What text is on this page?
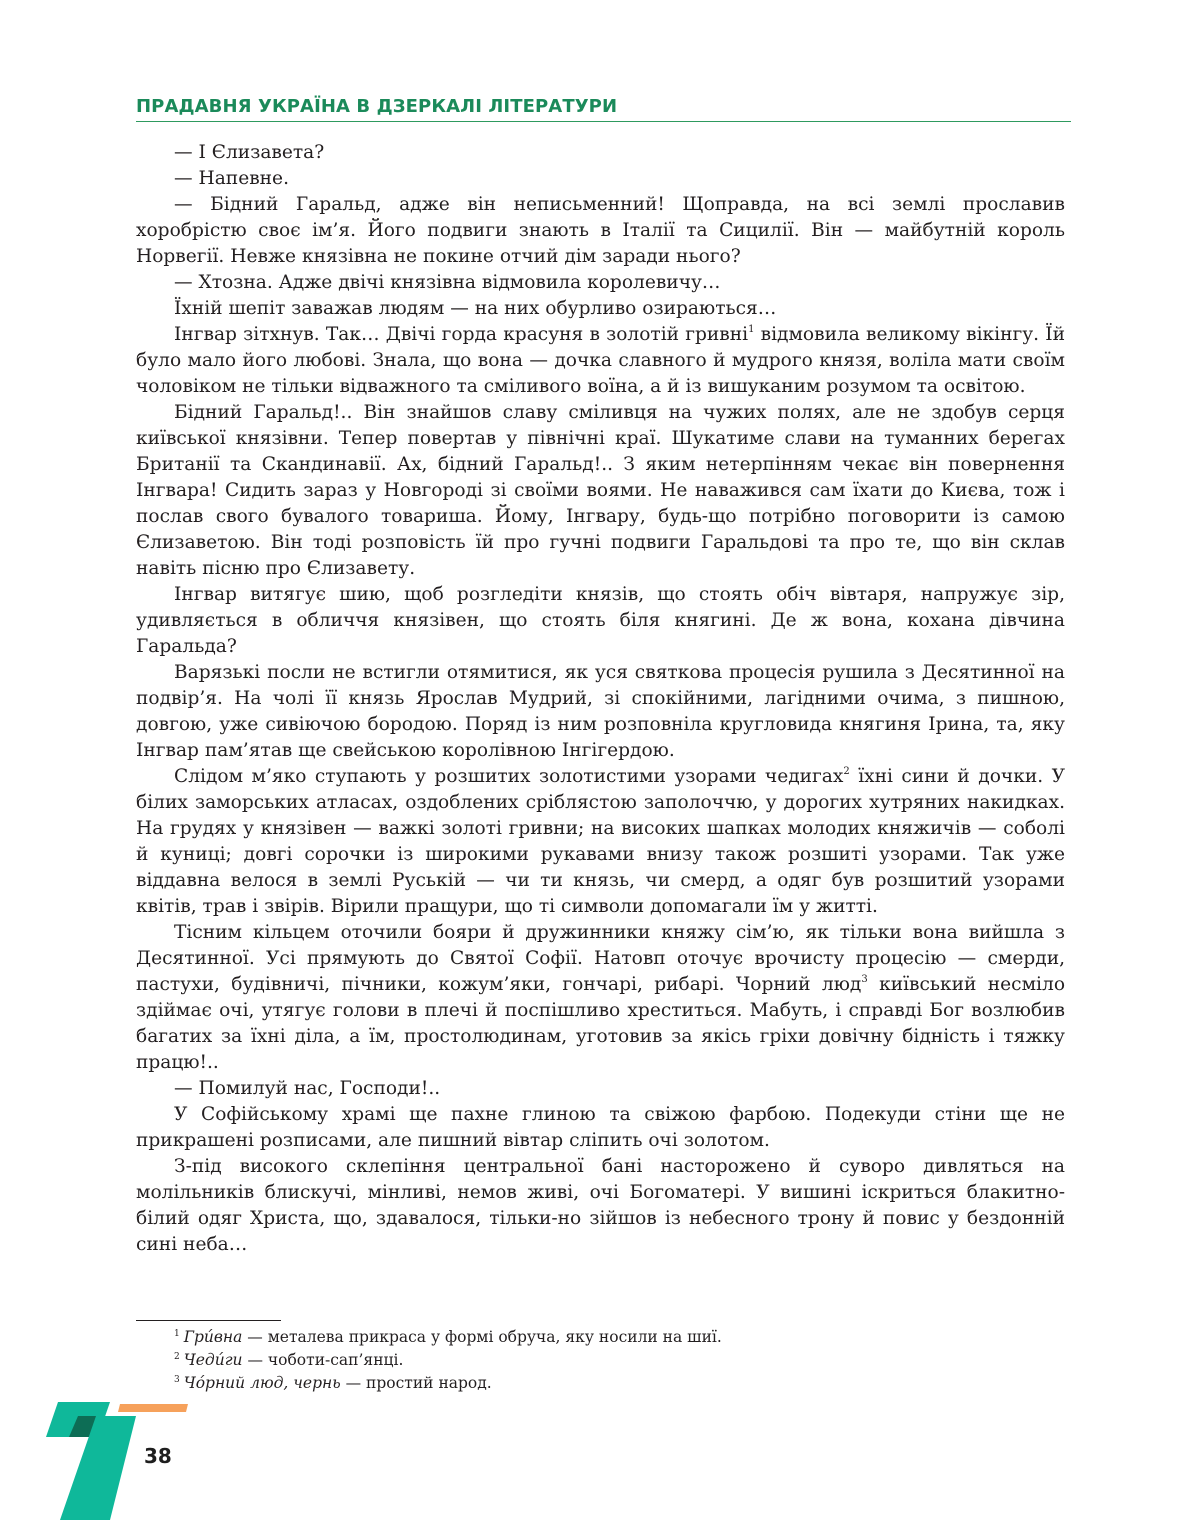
ПРАДАВНЯ УКРАЇНА В ДЗЕРКАЛІ ЛІТЕРАТУРИ

— І Єлизавета?

— Напевне.

— Бідний Гаральд, адже він неписьменний! Щоправда, на всі землі прославив хоробрістю своє ім’я. Його подвиги знають в Італії та Сицилії. Він — майбутній король Норвегії. Невже князівна не покине отчий дім заради нього?

— Хтозна. Адже двічі князівна відмовила королевичу…

Їхній шепіт заважав людям — на них обурливо озираються…

Інгвар зітхнув. Так… Двічі горда красуня в золотій гривні$^1$ відмовила великому вікінгу. Їй було мало його любові. Знала, що вона — дочка славного й мудрого князя, воліла мати своїм чоловіком не тільки відважного та сміливого воїна, а й із вишуканим розумом та освітою.

Бідний Гаральд!.. Він знайшов славу сміливця на чужих полях, але не здобув серця київської князівни. Тепер повертав у північні краї. Шукатиме слави на туманних берегах Британії та Скандинавії. Ах, бідний Гаральд!.. З яким нетерпінням чекає він повернення Інгвара! Сидить зараз у Новгороді зі своїми воями. Не наважився сам їхати до Києва, тож і послав свого бувалого товариша. Йому, Інгвару, будь-що потрібно поговорити із самою Єлизаветою. Він тоді розповість їй про гучні подвиги Гаральдові та про те, що він склав навіть пісню про Єлизавету.

Інгвар витягує шию, щоб розгледіти князів, що стоять обіч вівтаря, напружує зір, удивляється в обличчя князівен, що стоять біля княгині. Де ж вона, кохана дівчина Гаральда?

Варязькі посли не встигли отямитися, як уся святкова процесія рушила з Десятинної на подвір’я. На чолі її князь Ярослав Мудрий, зі спокійними, лагідними очима, з пишною, довгою, уже сивіючою бородою. Поряд із ним розповніла кругловида княгиня Ірина, та, яку Інгвар пам’ятав ще свейською королівною Інгігердою.

Слідом м’яко ступають у розшитих золотистими узорами чедигах$^2$ їхні сини й дочки. У білих заморських атласах, оздоблених сріблястою заполоччю, у дорогих хутряних накидках. На грудях у князівен — важкі золоті гривни; на високих шапках молодих княжичів — соболі й куниці; довгі сорочки із широкими рукавами внизу також розшиті узорами. Так уже віддавна велося в землі Руській — чи ти князь, чи смерд, а одяг був розшитий узорами квітів, трав і звірів. Вірили пращури, що ті символи допомагали їм у житті.

Тісним кільцем оточили бояри й дружинники княжу сім’ю, як тільки вона вийшла з Десятинної. Усі прямують до Святої Софії. Натовп оточує врочисту процесію — смерди, пастухи, будівничі, пічники, кожум’яки, гончарі, рибарі. Чорний люд$^3$ київський несміло здіймає очі, утягує голови в плечі й поспішливо хреститься. Мабуть, і справді Бог возлюбив багатих за їхні діла, а їм, простолюдинам, уготовив за якісь гріхи довічну бідність і тяжку працю!..

— Помилуй нас, Господи!..

У Софійському храмі ще пахне глиною та свіжою фарбою. Подекуди стіни ще не прикрашені розписами, але пишний вівтар сліпить очі золотом.

З-під високого склепіння центральної бані насторожено й суворо дивляться на молільників блискучі, мінливі, немов живі, очі Богоматері. У вишині іскриться блакитно-білий одяг Христа, що, здавалося, тільки-но зійшов із небесного трону й повис у бездонній сині неба…

$^1$ Гри́вна — металева прикраса у формі обруча, яку носили на шиї.
$^2$ Чеди́ги — чоботи-сап’янці.
$^3$ Чо́рний люд, чернь — простий народ.
38
